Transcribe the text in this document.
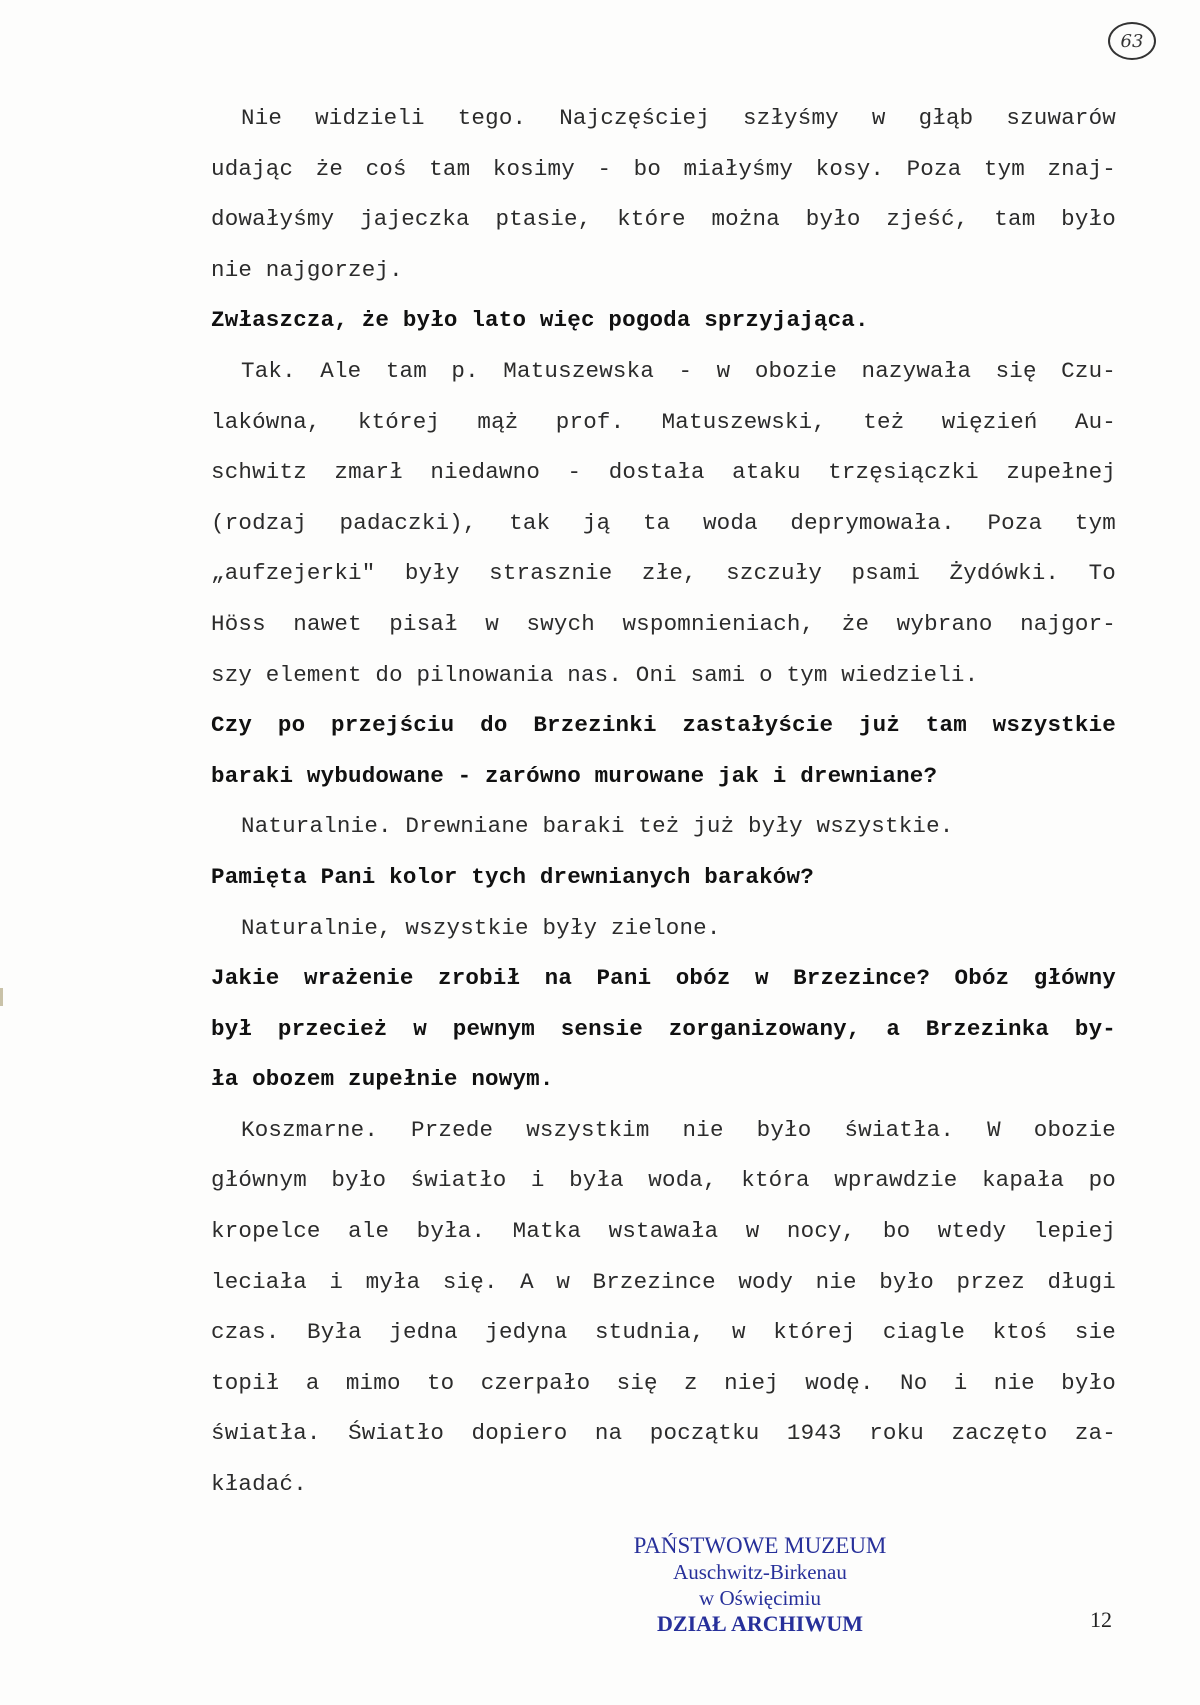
63
Nie widzieli tego. Najczęściej szłyśmy w głąb szuwarów
udając że coś tam kosimy - bo miałyśmy kosy. Poza tym znaj-
dowałyśmy jajeczka ptasie, które można było zjeść, tam było
nie najgorzej.
Zwłaszcza, że było lato więc pogoda sprzyjająca.
Tak. Ale tam p. Matuszewska - w obozie nazywała się Czu-
lakówna, której mąż prof. Matuszewski, też więzień Au-
schwitz zmarł niedawno - dostała ataku trzęsiączki zupełnej
(rodzaj padaczki), tak ją ta woda deprymowała. Poza tym
„aufzejerki" były strasznie złe, szczuły psami Żydówki. To
Höss nawet pisał w swych wspomnieniach, że wybrano najgor-
szy element do pilnowania nas. Oni sami o tym wiedzieli.
Czy po przejściu do Brzezinki zastałyście już tam wszystkie
baraki wybudowane - zarówno murowane jak i drewniane?
Naturalnie. Drewniane baraki też już były wszystkie.
Pamięta Pani kolor tych drewnianych baraków?
Naturalnie, wszystkie były zielone.
Jakie wrażenie zrobił na Pani obóz w Brzezince? Obóz główny
był przecież w pewnym sensie zorganizowany, a Brzezinka by-
ła obozem zupełnie nowym.
Koszmarne. Przede wszystkim nie było światła. W obozie
głównym było światło i była woda, która wprawdzie kapała po
kropelce ale była. Matka wstawała w nocy, bo wtedy lepiej
leciała i myła się. A w Brzezince wody nie było przez długi
czas. Była jedna jedyna studnia, w której ciagle ktoś sie
topił a mimo to czerpało się z niej wodę. No i nie było
światła. Światło dopiero na początku 1943 roku zaczęto za-
kładać.
PAŃSTWOWE MUZEUM
Auschwitz-Birkenau
w Oświęcimiu
DZIAŁ ARCHIWUM	12
